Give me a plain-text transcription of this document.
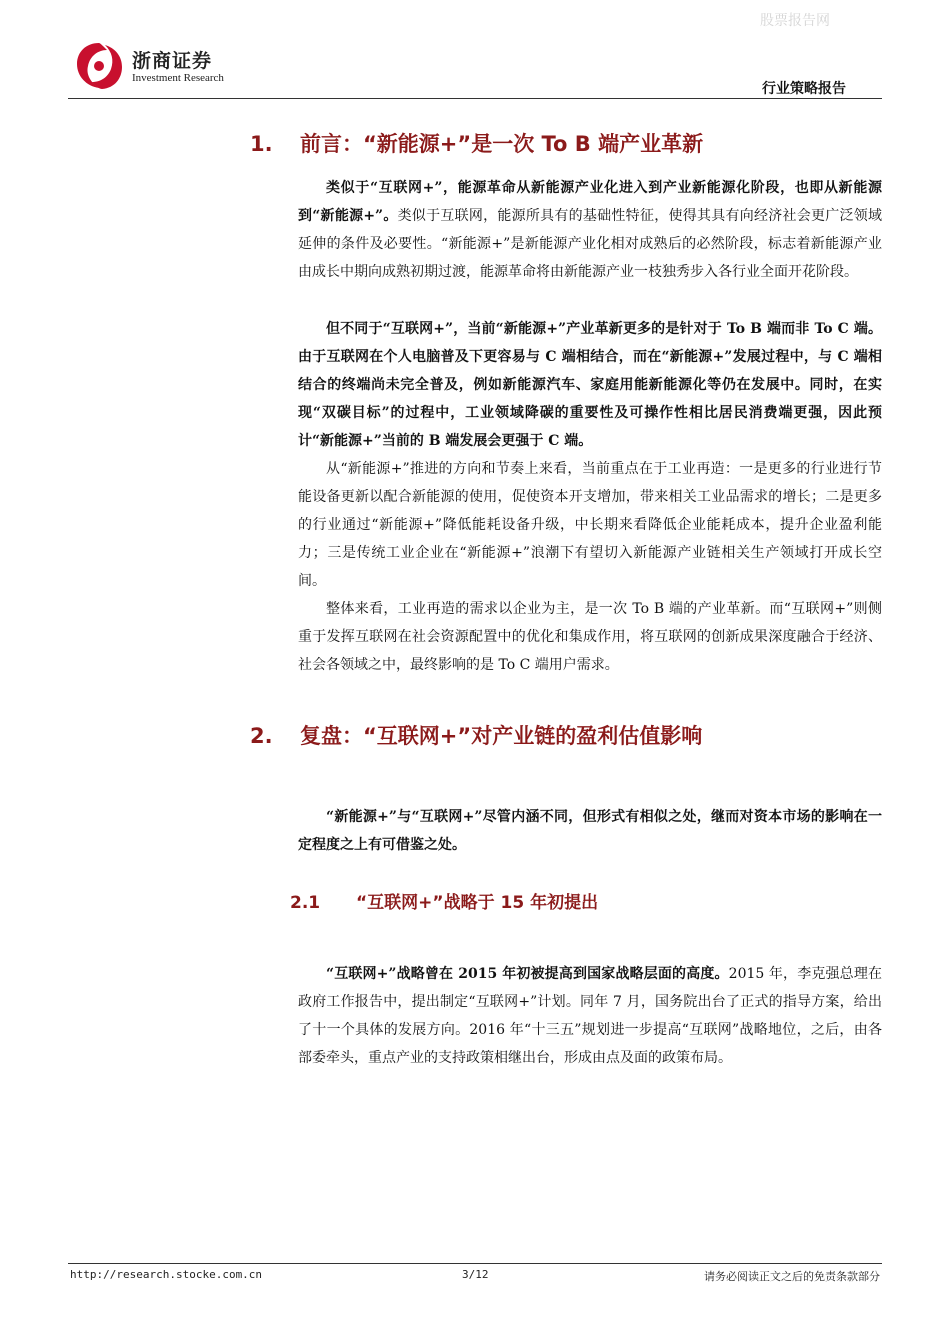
股票报告网
浙商证券
Investment Research
行业策略报告
1. 前言：“新能源+”是一次 To B 端产业革新

类似于“互联网+”，能源革命从新能源产业化进入到产业新能源化阶段，也即从新能源到“新能源+”。类似于互联网，能源所具有的基础性特征，使得其具有向经济社会更广泛领域延伸的条件及必要性。“新能源+”是新能源产业化相对成熟后的必然阶段，标志着新能源产业由成长中期向成熟初期过渡，能源革命将由新能源产业一枝独秀步入各行业全面开花阶段。

但不同于“互联网+”，当前“新能源+”产业革新更多的是针对于 To B 端而非 To C 端。由于互联网在个人电脑普及下更容易与 C 端相结合，而在“新能源+”发展过程中，与 C 端相结合的终端尚未完全普及，例如新能源汽车、家庭用能新能源化等仍在发展中。同时，在实现“双碳目标”的过程中，工业领域降碳的重要性及可操作性相比居民消费端更强，因此预计“新能源+”当前的 B 端发展会更强于 C 端。

从“新能源+”推进的方向和节奏上来看，当前重点在于工业再造：一是更多的行业进行节能设备更新以配合新能源的使用，促使资本开支增加，带来相关工业品需求的增长；二是更多的行业通过“新能源+”降低能耗设备升级，中长期来看降低企业能耗成本，提升企业盈利能力；三是传统工业企业在“新能源+”浪潮下有望切入新能源产业链相关生产领域打开成长空间。

整体来看，工业再造的需求以企业为主，是一次 To B 端的产业革新。而“互联网+”则侧重于发挥互联网在社会资源配置中的优化和集成作用，将互联网的创新成果深度融合于经济、社会各领域之中，最终影响的是 To C 端用户需求。

2. 复盘：“互联网+”对产业链的盈利估值影响

“新能源+”与“互联网+”尽管内涵不同，但形式有相似之处，继而对资本市场的影响在一定程度之上有可借鉴之处。

2.1 “互联网+”战略于 15 年初提出

“互联网+”战略曾在 2015 年初被提高到国家战略层面的高度。2015 年，李克强总理在政府工作报告中，提出制定“互联网+”计划。同年 7 月，国务院出台了正式的指导方案，给出了十一个具体的发展方向。2016 年“十三五”规划进一步提高“互联网”战略地位，之后，由各部委牵头，重点产业的支持政策相继出台，形成由点及面的政策布局。

http://research.stocke.com.cn	3/12	请务必阅读正文之后的免责条款部分
